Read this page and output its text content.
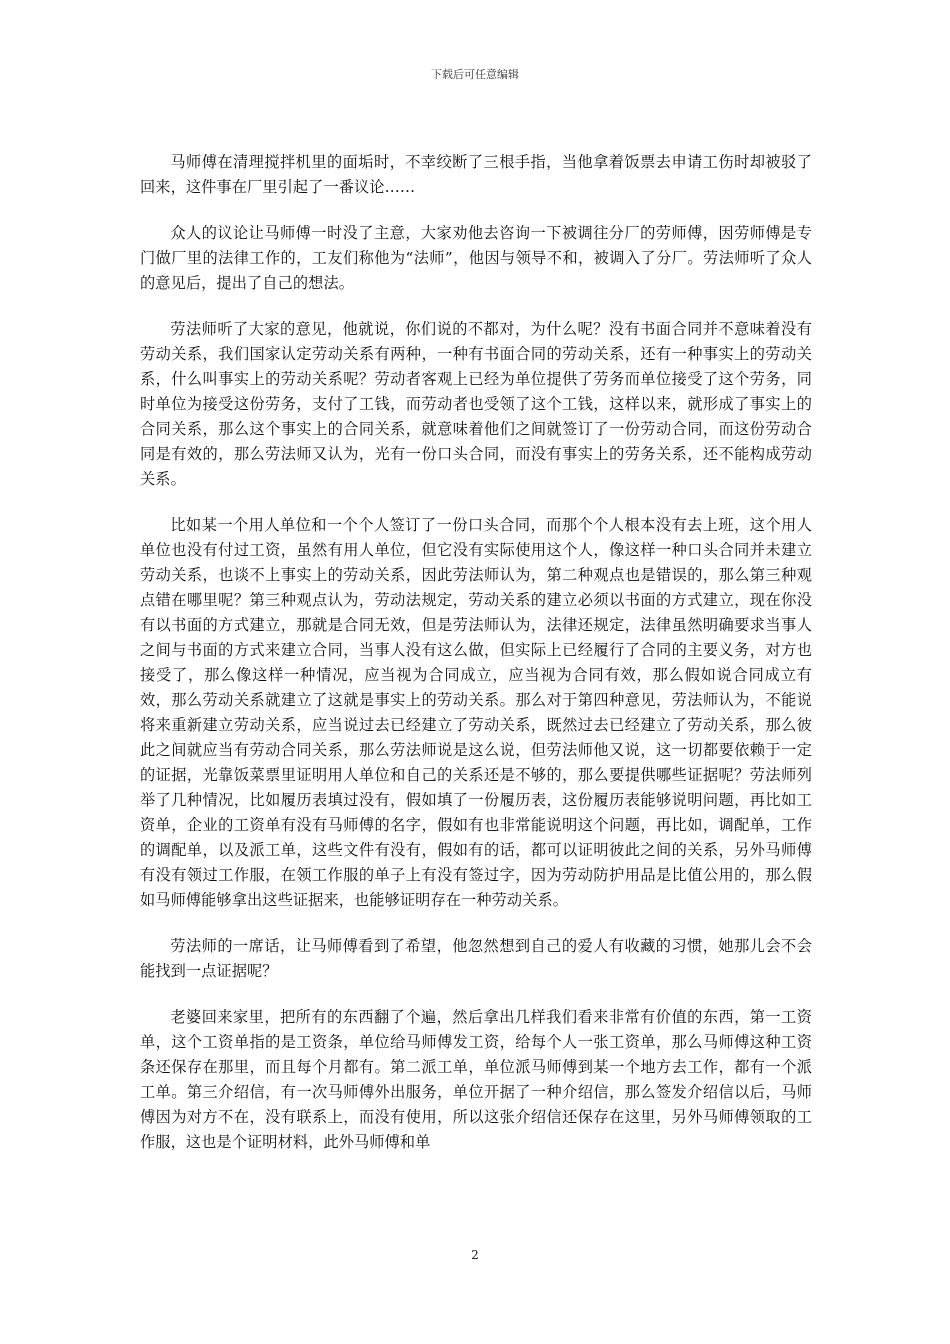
下载后可任意编辑

马师傅在清理搅拌机里的面垢时，不幸绞断了三根手指，当他拿着饭票去申请工伤时却被驳了回来，这件事在厂里引起了一番议论……

众人的议论让马师傅一时没了主意，大家劝他去咨询一下被调往分厂的劳师傅，因劳师傅是专门做厂里的法律工作的，工友们称他为“法师”，他因与领导不和，被调入了分厂。劳法师听了众人的意见后，提出了自己的想法。

劳法师听了大家的意见，他就说，你们说的不都对，为什么呢？没有书面合同并不意味着没有劳动关系，我们国家认定劳动关系有两种，一种有书面合同的劳动关系，还有一种事实上的劳动关系，什么叫事实上的劳动关系呢？劳动者客观上已经为单位提供了劳务而单位接受了这个劳务，同时单位为接受这份劳务，支付了工钱，而劳动者也受领了这个工钱，这样以来，就形成了事实上的合同关系，那么这个事实上的合同关系，就意味着他们之间就签订了一份劳动合同，而这份劳动合同是有效的，那么劳法师又认为，光有一份口头合同，而没有事实上的劳务关系，还不能构成劳动关系。

比如某一个用人单位和一个个人签订了一份口头合同，而那个个人根本没有去上班，这个用人单位也没有付过工资，虽然有用人单位，但它没有实际使用这个人，像这样一种口头合同并未建立劳动关系，也谈不上事实上的劳动关系，因此劳法师认为，第二种观点也是错误的，那么第三种观点错在哪里呢？第三种观点认为，劳动法规定，劳动关系的建立必须以书面的方式建立，现在你没有以书面的方式建立，那就是合同无效，但是劳法师认为，法律还规定，法律虽然明确要求当事人之间与书面的方式来建立合同，当事人没有这么做，但实际上已经履行了合同的主要义务，对方也接受了，那么像这样一种情况，应当视为合同成立，应当视为合同有效，那么假如说合同成立有效，那么劳动关系就建立了这就是事实上的劳动关系。那么对于第四种意见，劳法师认为，不能说将来重新建立劳动关系，应当说过去已经建立了劳动关系，既然过去已经建立了劳动关系，那么彼此之间就应当有劳动合同关系，那么劳法师说是这么说，但劳法师他又说，这一切都要依赖于一定的证据，光靠饭菜票里证明用人单位和自己的关系还是不够的，那么要提供哪些证据呢？劳法师列举了几种情况，比如履历表填过没有，假如填了一份履历表，这份履历表能够说明问题，再比如工资单，企业的工资单有没有马师傅的名字，假如有也非常能说明这个问题，再比如，调配单，工作的调配单，以及派工单，这些文件有没有，假如有的话，都可以证明彼此之间的关系，另外马师傅有没有领过工作服，在领工作服的单子上有没有签过字，因为劳动防护用品是比值公用的，那么假如马师傅能够拿出这些证据来，也能够证明存在一种劳动关系。

劳法师的一席话，让马师傅看到了希望，他忽然想到自己的爱人有收藏的习惯，她那儿会不会能找到一点证据呢？

老婆回来家里，把所有的东西翻了个遍，然后拿出几样我们看来非常有价值的东西，第一工资单，这个工资单指的是工资条，单位给马师傅发工资，给每个人一张工资单，那么马师傅这种工资条还保存在那里，而且每个月都有。第二派工单，单位派马师傅到某一个地方去工作，都有一个派工单。第三介绍信，有一次马师傅外出服务，单位开据了一种介绍信，那么签发介绍信以后，马师傅因为对方不在，没有联系上，而没有使用，所以这张介绍信还保存在这里，另外马师傅领取的工作服，这也是个证明材料，此外马师傅和单

2
